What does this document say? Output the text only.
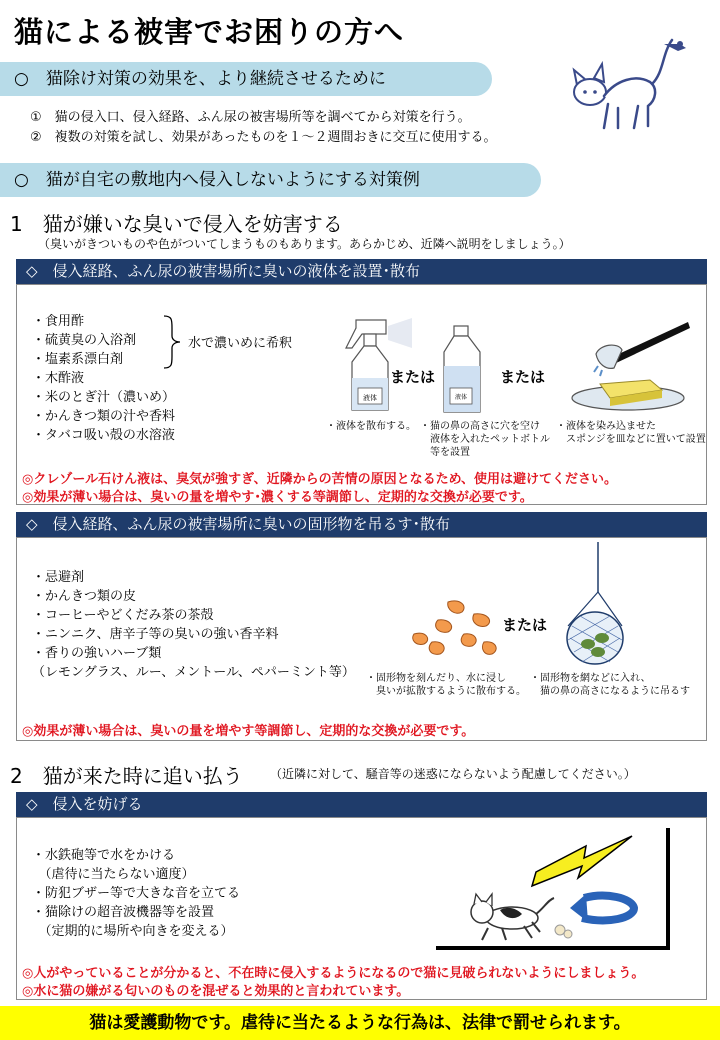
猫による被害でお困りの方へ
○　猫除け対策の効果を、より継続させるために
①　猫の侵入口、侵入経路、ふん尿の被害場所等を調べてから対策を行う。
②　複数の対策を試し、効果があったものを１～２週間おきに交互に使用する。
○　猫が自宅の敷地内へ侵入しないようにする対策例
1　猫が嫌いな臭いで侵入を妨害する
（臭いがきついものや色がついてしまうものもあります。あらかじめ、近隣へ説明をしましょう。）
◇　侵入経路、ふん尿の被害場所に臭いの液体を設置･散布
・食用酢
・硫黄臭の入浴剤
・塩素系漂白剤
・木酢液
・米のとぎ汁（濃いめ）
・かんきつ類の汁や香料
・タバコ吸い殻の水溶液
水で濃いめに希釈
液体
または
液体
または
・液体を散布する。 ・猫の鼻の高さに穴を空け
　液体を入れたペットボトル
　等を設置
・液体を染み込ませた
　スポンジを皿などに置いて設置
◎クレゾール石けん液は、臭気が強すぎ、近隣からの苦情の原因となるため、使用は避けてください。
◎効果が薄い場合は、臭いの量を増やす･濃くする等調節し、定期的な交換が必要です。
◇　侵入経路、ふん尿の被害場所に臭いの固形物を吊るす･散布
・忌避剤
・かんきつ類の皮
・コーヒーやどくだみ茶の茶殻
・ニンニク、唐辛子等の臭いの強い香辛料
・香りの強いハーブ類
（レモングラス、ルー、メントール、ペパーミント等）
または
・固形物を刻んだり、水に浸し
　臭いが拡散するように散布する。
・固形物を網などに入れ、
　猫の鼻の高さになるように吊るす
◎効果が薄い場合は、臭いの量を増やす等調節し、定期的な交換が必要です。
2　猫が来た時に追い払う （近隣に対して、騒音等の迷惑にならないよう配慮してください。）
◇　侵入を妨げる
・水鉄砲等で水をかける
　（虐待に当たらない適度）
・防犯ブザー等で大きな音を立てる
・猫除けの超音波機器等を設置
　（定期的に場所や向きを変える）
◎人がやっていることが分かると、不在時に侵入するようになるので猫に見破られないようにしましょう。
◎水に猫の嫌がる匂いのものを混ぜると効果的と言われています。
猫は愛護動物です。虐待に当たるような行為は、法律で罰せられます。
